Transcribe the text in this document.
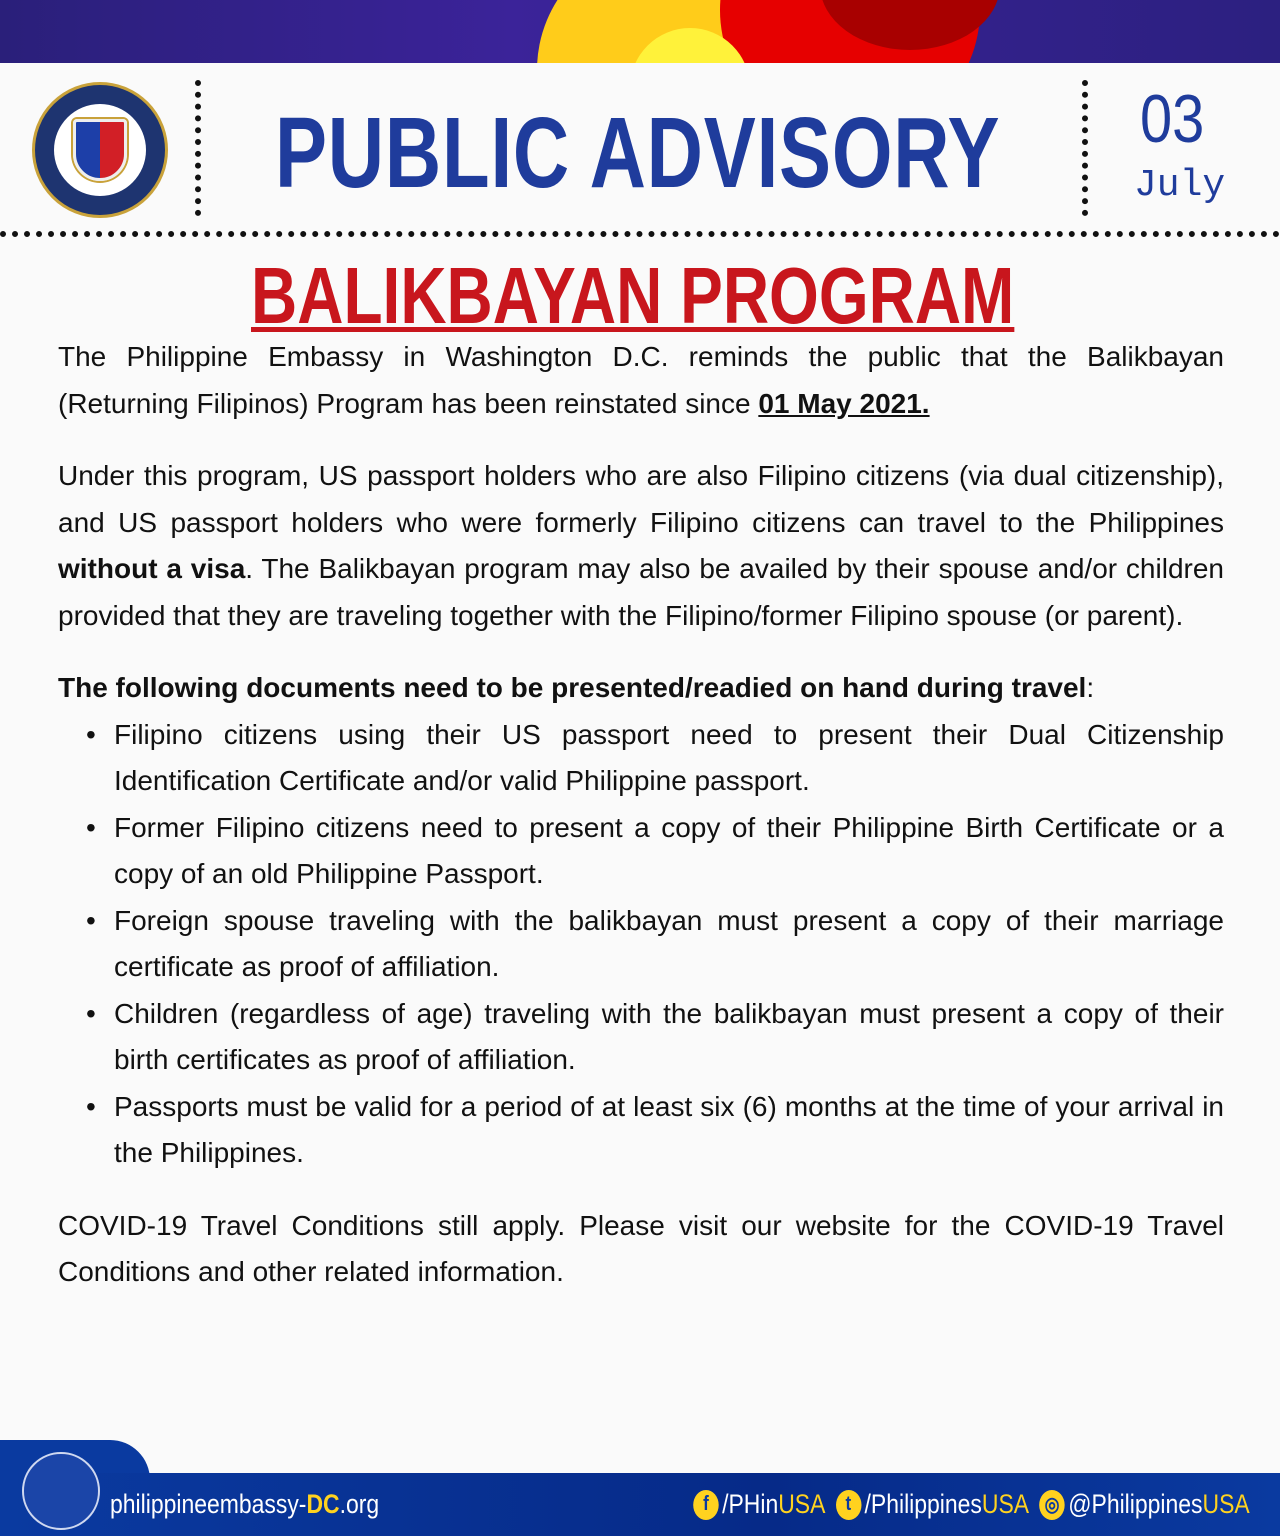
PUBLIC ADVISORY 03
July
BALIKBAYAN PROGRAM

The Philippine Embassy in Washington D.C. reminds the public that the Balikbayan (Returning Filipinos) Program has been reinstated since 01 May 2021.

Under this program, US passport holders who are also Filipino citizens (via dual citizenship), and US passport holders who were formerly Filipino citizens can travel to the Philippines without a visa. The Balikbayan program may also be availed by their spouse and/or children provided that they are traveling together with the Filipino/former Filipino spouse (or parent).

The following documents need to be presented/readied on hand during travel:

• Filipino citizens using their US passport need to present their Dual Citizenship Identification Certificate and/or valid Philippine passport.
• Former Filipino citizens need to present a copy of their Philippine Birth Certificate or a copy of an old Philippine Passport.
• Foreign spouse traveling with the balikbayan must present a copy of their marriage certificate as proof of affiliation.
• Children (regardless of age) traveling with the balikbayan must present a copy of their birth certificates as proof of affiliation.
• Passports must be valid for a period of at least six (6) months at the time of your arrival in the Philippines.

COVID-19 Travel Conditions still apply. Please visit our website for the COVID-19 Travel Conditions and other related information.

philippineembassy-DC.org	f /PHin USA	t /Philippines USA ◎ @Philippines USA
